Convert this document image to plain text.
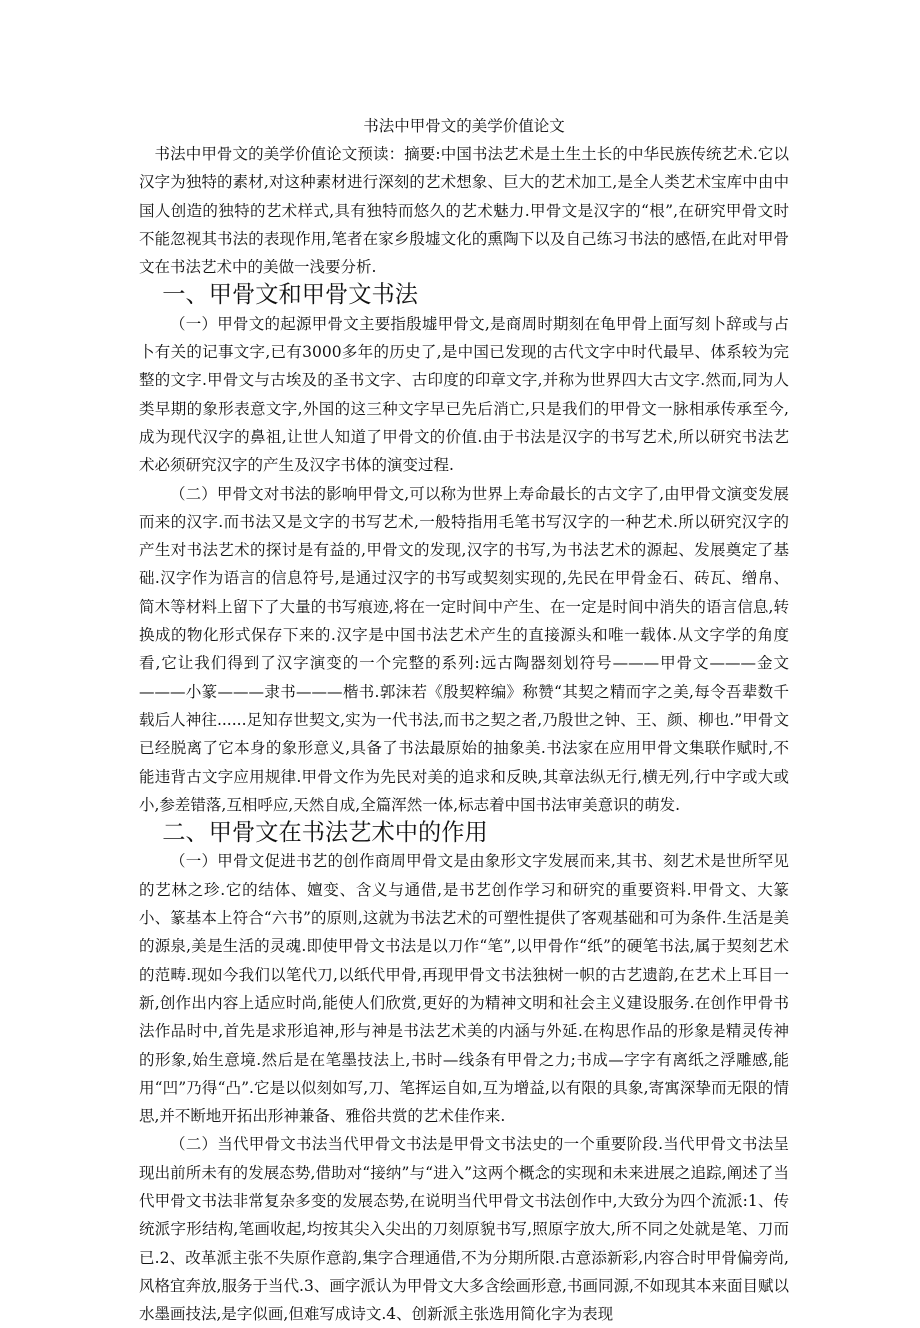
书法中甲骨文的美学价值论文

书法中甲骨文的美学价值论文预读：摘要:中国书法艺术是土生土长的中华民族传统艺术.它以汉字为独特的素材,对这种素材进行深刻的艺术想象、巨大的艺术加工,是全人类艺术宝库中由中国人创造的独特的艺术样式,具有独特而悠久的艺术魅力.甲骨文是汉字的“根”,在研究甲骨文时不能忽视其书法的表现作用,笔者在家乡殷墟文化的熏陶下以及自己练习书法的感悟,在此对甲骨文在书法艺术中的美做一浅要分析.

一、甲骨文和甲骨文书法

（一）甲骨文的起源甲骨文主要指殷墟甲骨文,是商周时期刻在龟甲骨上面写刻卜辞或与占卜有关的记事文字,已有3000多年的历史了,是中国已发现的古代文字中时代最早、体系较为完整的文字.甲骨文与古埃及的圣书文字、古印度的印章文字,并称为世界四大古文字.然而,同为人类早期的象形表意文字,外国的这三种文字早已先后消亡,只是我们的甲骨文一脉相承传承至今,成为现代汉字的鼻祖,让世人知道了甲骨文的价值.由于书法是汉字的书写艺术,所以研究书法艺术必须研究汉字的产生及汉字书体的演变过程.

（二）甲骨文对书法的影响甲骨文,可以称为世界上寿命最长的古文字了,由甲骨文演变发展而来的汉字.而书法又是文字的书写艺术,一般特指用毛笔书写汉字的一种艺术.所以研究汉字的产生对书法艺术的探讨是有益的,甲骨文的发现,汉字的书写,为书法艺术的源起、发展奠定了基础.汉字作为语言的信息符号,是通过汉字的书写或契刻实现的,先民在甲骨金石、砖瓦、缯帛、简木等材料上留下了大量的书写痕迹,将在一定时间中产生、在一定是时间中消失的语言信息,转换成的物化形式保存下来的.汉字是中国书法艺术产生的直接源头和唯一载体.从文字学的角度看,它让我们得到了汉字演变的一个完整的系列:远古陶器刻划符号———甲骨文———金文———小篆———隶书———楷书.郭沫若《殷契粹编》称赞“其契之精而字之美,每令吾辈数千载后人神往......足知存世契文,实为一代书法,而书之契之者,乃殷世之钟、王、颜、柳也.”甲骨文已经脱离了它本身的象形意义,具备了书法最原始的抽象美.书法家在应用甲骨文集联作赋时,不能违背古文字应用规律.甲骨文作为先民对美的追求和反映,其章法纵无行,横无列,行中字或大或小,参差错落,互相呼应,天然自成,全篇浑然一体,标志着中国书法审美意识的萌发.

二、甲骨文在书法艺术中的作用

（一）甲骨文促进书艺的创作商周甲骨文是由象形文字发展而来,其书、刻艺术是世所罕见的艺林之珍.它的结体、嬗变、含义与通借,是书艺创作学习和研究的重要资料.甲骨文、大篆小、篆基本上符合“六书”的原则,这就为书法艺术的可塑性提供了客观基础和可为条件.生活是美的源泉,美是生活的灵魂.即使甲骨文书法是以刀作“笔”,以甲骨作“纸”的硬笔书法,属于契刻艺术的范畴.现如今我们以笔代刀,以纸代甲骨,再现甲骨文书法独树一帜的古艺遗韵,在艺术上耳目一新,创作出内容上适应时尚,能使人们欣赏,更好的为精神文明和社会主义建设服务.在创作甲骨书法作品时中,首先是求形追神,形与神是书法艺术美的内涵与外延.在构思作品的形象是精灵传神的形象,始生意境.然后是在笔墨技法上,书时—线条有甲骨之力;书成—字字有离纸之浮雕感,能用“凹”乃得“凸”.它是以似刻如写,刀、笔挥运自如,互为增益,以有限的具象,寄寓深挚而无限的情思,并不断地开拓出形神兼备、雅俗共赏的艺术佳作来.

（二）当代甲骨文书法当代甲骨文书法是甲骨文书法史的一个重要阶段.当代甲骨文书法呈现出前所未有的发展态势,借助对“接纳”与“进入”这两个概念的实现和未来进展之追踪,阐述了当代甲骨文书法非常复杂多变的发展态势,在说明当代甲骨文书法创作中,大致分为四个流派:1、传统派字形结构,笔画收起,均按其尖入尖出的刀刻原貌书写,照原字放大,所不同之处就是笔、刀而已.2、改革派主张不失原作意韵,集字合理通借,不为分期所限.古意添新彩,内容合时甲骨偏旁尚,风格宜奔放,服务于当代.3、画字派认为甲骨文大多含绘画形意,书画同源,不如现其本来面目赋以水墨画技法,是字似画,但难写成诗文.4、创新派主张选用简化字为表现
